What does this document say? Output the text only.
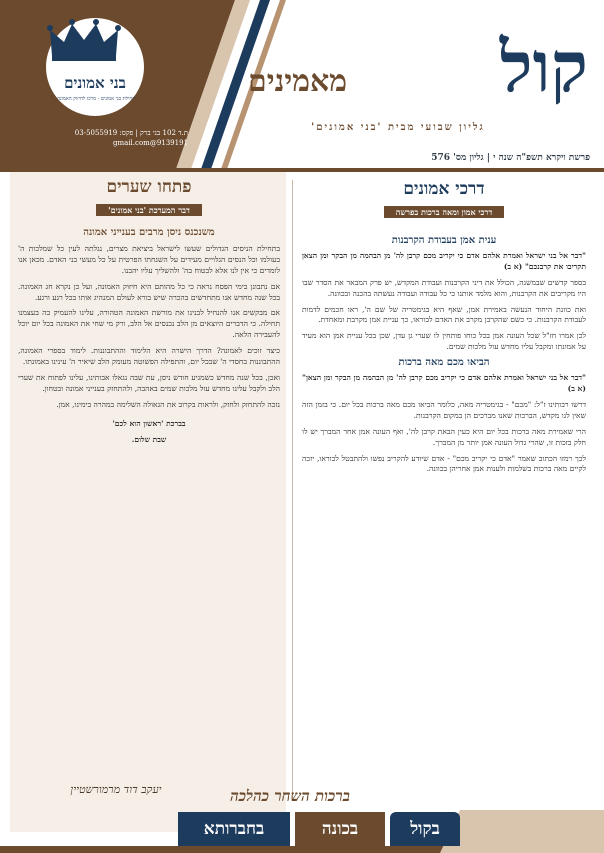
בני אמונים
קהילת בני אמונים · מרכז לחיזוק האמונה
ת.ד 102 בני ברק | פקס: 03-5055919
9139191@gmail.com
קול
מאמינים
גליון שבועי מבית 'בני אמונים'
פרשת ויקרא תשפ"ה שנה י | גליון מס' 576
פתחו שערים
דבר המערכת 'בני אמונים'
משנכנס ניסן מרבים בענייני אמונה

בתחילת הניסים הגדולים שעשו לישראל ביציאת מצרים, נגלתה לעין כל שמלכות ה' בעולמו וכל הנסים הגלויים מעידים על השגחתו הפרטית על כל מעשי בני האדם. מכאן אנו לומדים כי אין לנו אלא לבטוח בה' ולהשליך עליו יהבנו.

אם נתבונן בימי הפסח נראה כי כל מהותם היא חיזוק האמונה, ועל כן נקרא חג האמונה. בכל שנה מחדש אנו מתחדשים בהכרה שיש בורא לעולם המנהיג אותו בכל רגע ורגע.

אם מבקשים אנו להנחיל לבנינו את מורשת האמונה הטהורה, עלינו להעמיק בה בעצמנו תחילה. כי הדברים היוצאים מן הלב נכנסים אל הלב, ורק מי שחי את האמונה בכל יום יוכל להעבירה הלאה.

כיצד זוכים לאמונה? הדרך הישרה היא הלימוד וההתבוננות. לימוד בספרי האמונה, ההתבוננות בחסדי ה' שבכל יום, והתפילה הפשוטה מעומק הלב שיאיר ה' עינינו באמונתו.

ואכן, בכל שנה מחדש כשמגיע חודש ניסן, עת שבה נגאלו אבותינו, עלינו לפתוח את שערי הלב ולקבל עלינו מחדש עול מלכות שמים באהבה, ולהתחזק בענייני אמונה ובטחון.

נזכה להתחזק ולחזק, ולראות בקרוב את הגאולה השלימה במהרה בימינו, אמן.

בברכת 'ראשון הוא לכם'

שבת שלום.

יעקב דוד מרמורשטיין
דרכי אמונים
דרכי אמון ומאה ברכות בפרשה
ענית אמן בעבודת הקרבנות

"דבר אל בני ישראל ואמרת אלהם אדם כי יקריב מכם קרבן לה' מן הבהמה מן הבקר ומן הצאן תקריבו את קרבנכם" (א ב)

בספר קדשים שבמשנה, הכולל את דיני הקרבנות ועבודת המקדש, יש פרק המבאר את הסדר שבו היו מקריבים את הקרבנות, והוא מלמד אותנו כי כל עבודה ועבודה נעשתה בהכנה ובכוונה.

ואת כוונת היחוד הנעשה באמירת אמן, שאף היא בגימטריה של שם ה', ראו חכמים לדמות לעבודת הקרבנות. כי כשם שהקרבן מקרב את האדם לבוראו, כך עניית אמן מקרבת ומאחדת.

לכן אמרו חז"ל שכל העונה אמן בכל כוחו פותחין לו שערי גן עדן, שכן בכל עניית אמן הוא מעיד על אמונתו ומקבל עליו מחדש עול מלכות שמים.

הביאו מכם מאה ברכות

"דבר אל בני ישראל ואמרת אלהם אדם כי יקריב מכם קרבן לה' מן הבהמה מן הבקר ומן הצאן" (א ב)

דרשו רבותינו ז"ל: "מכם" - בגימטריה מאה, כלומר הביאו מכם מאה ברכות בכל יום. כי בזמן הזה שאין לנו מקדש, הברכות שאנו מברכים הן במקום הקרבנות.

הרי שאמירת מאה ברכות בכל יום היא כעין הבאת קרבן לה', ואף העונה אמן אחר המברך יש לו חלק בזכות זו, שהרי גדול העונה אמן יותר מן המברך.

לכך רמזו הכתוב שאמר "אדם כי יקריב מכם" - אדם שיודע להקריב נפשו ולהתבטל לבוראו, יזכה לקיים מאה ברכות בשלמות ולענות אמן אחריהן בכוונה.

ברכות השחר כהלכה
בקול
בכונה
בחברותא
